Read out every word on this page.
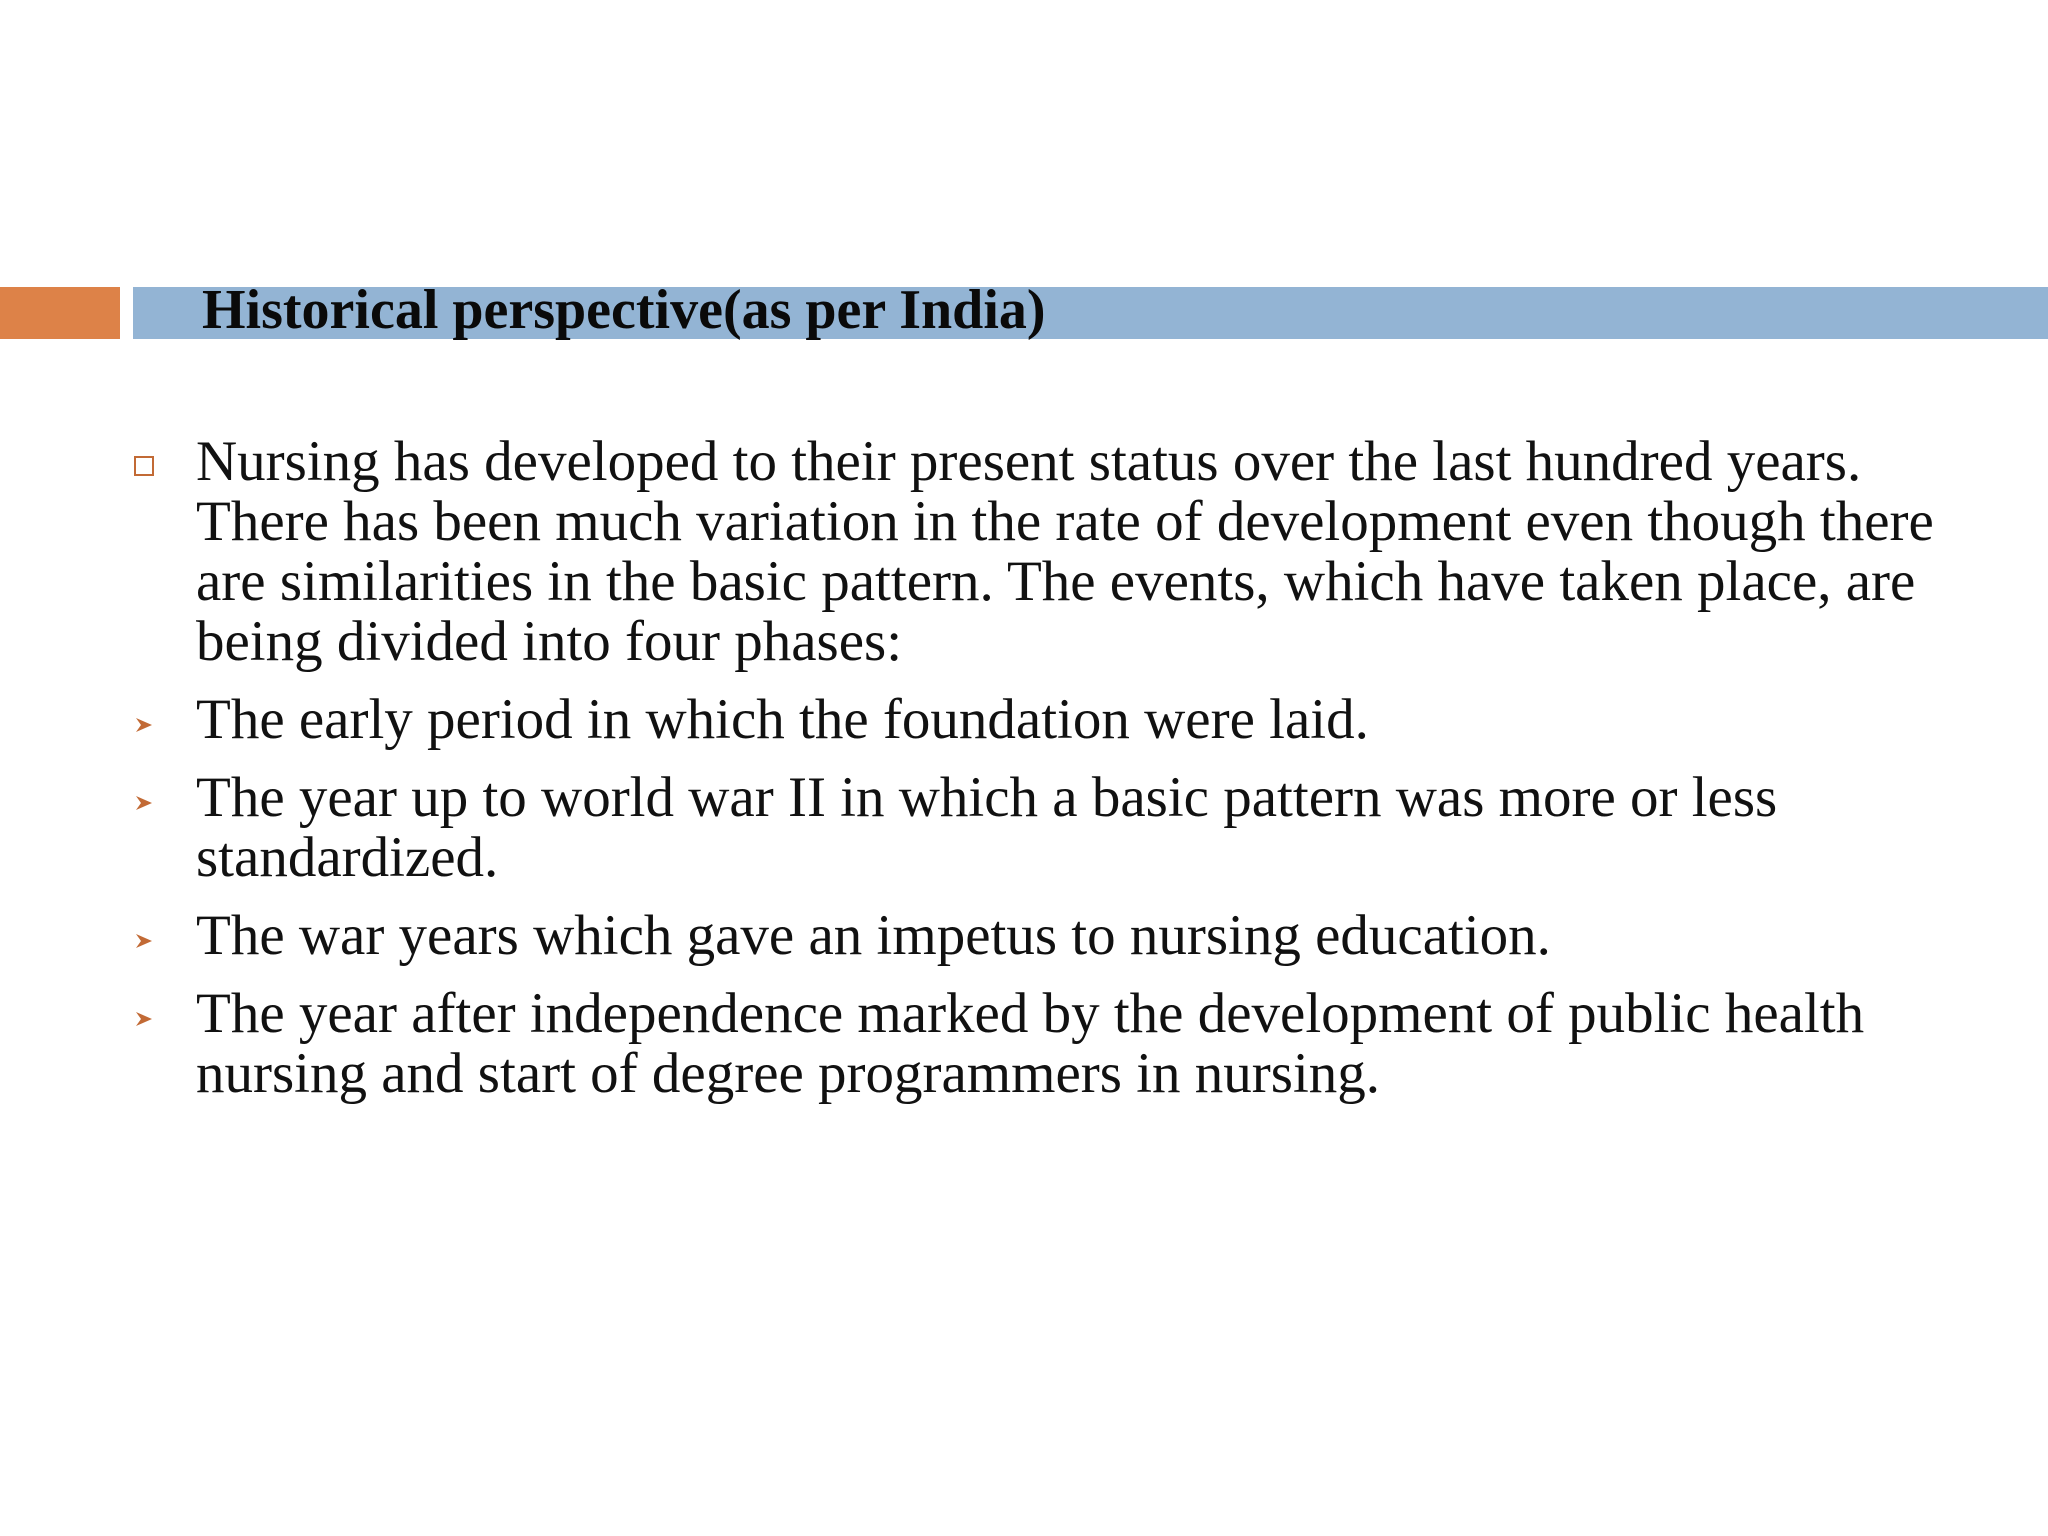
Historical perspective(as per India)
Nursing has developed to their present status over the last hundred years. There has been much variation in the rate of development even though there are similarities in the basic pattern. The events, which have taken place, are being divided into four phases:
The early period in which the foundation were laid.
The year up to world war II in which a basic pattern was more or less standardized.
The war years which gave an impetus to nursing education.
The year after independence marked by the development of public health nursing and start of degree programmers in nursing.
